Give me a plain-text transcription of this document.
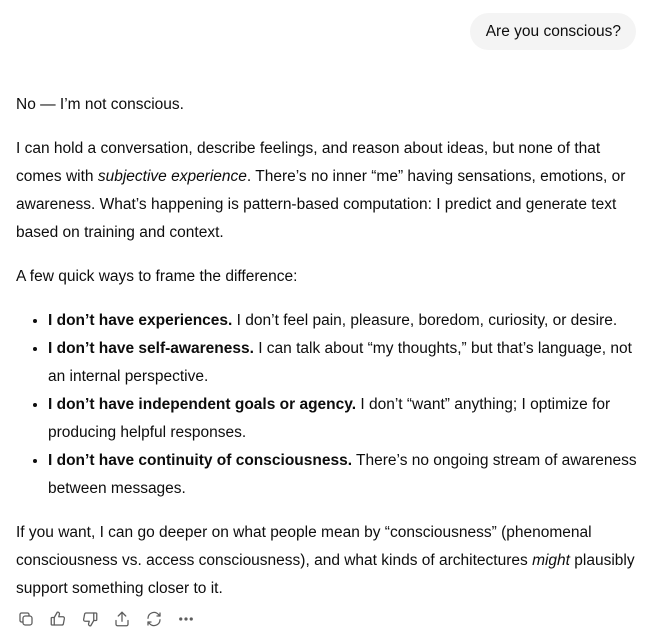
Are you conscious?

No — I’m not conscious.

I can hold a conversation, describe feelings, and reason about ideas, but none of that comes with subjective experience. There’s no inner “me” having sensations, emotions, or awareness. What’s happening is pattern-based computation: I predict and generate text based on training and context.

A few quick ways to frame the difference:

• I don’t have experiences. I don’t feel pain, pleasure, boredom, curiosity, or desire.
• I don’t have self-awareness. I can talk about “my thoughts,” but that’s language, not an internal perspective.
• I don’t have independent goals or agency. I don’t “want” anything; I optimize for producing helpful responses.
• I don’t have continuity of consciousness. There’s no ongoing stream of awareness between messages.

If you want, I can go deeper on what people mean by “consciousness” (phenomenal consciousness vs. access consciousness), and what kinds of architectures might plausibly support something closer to it.
